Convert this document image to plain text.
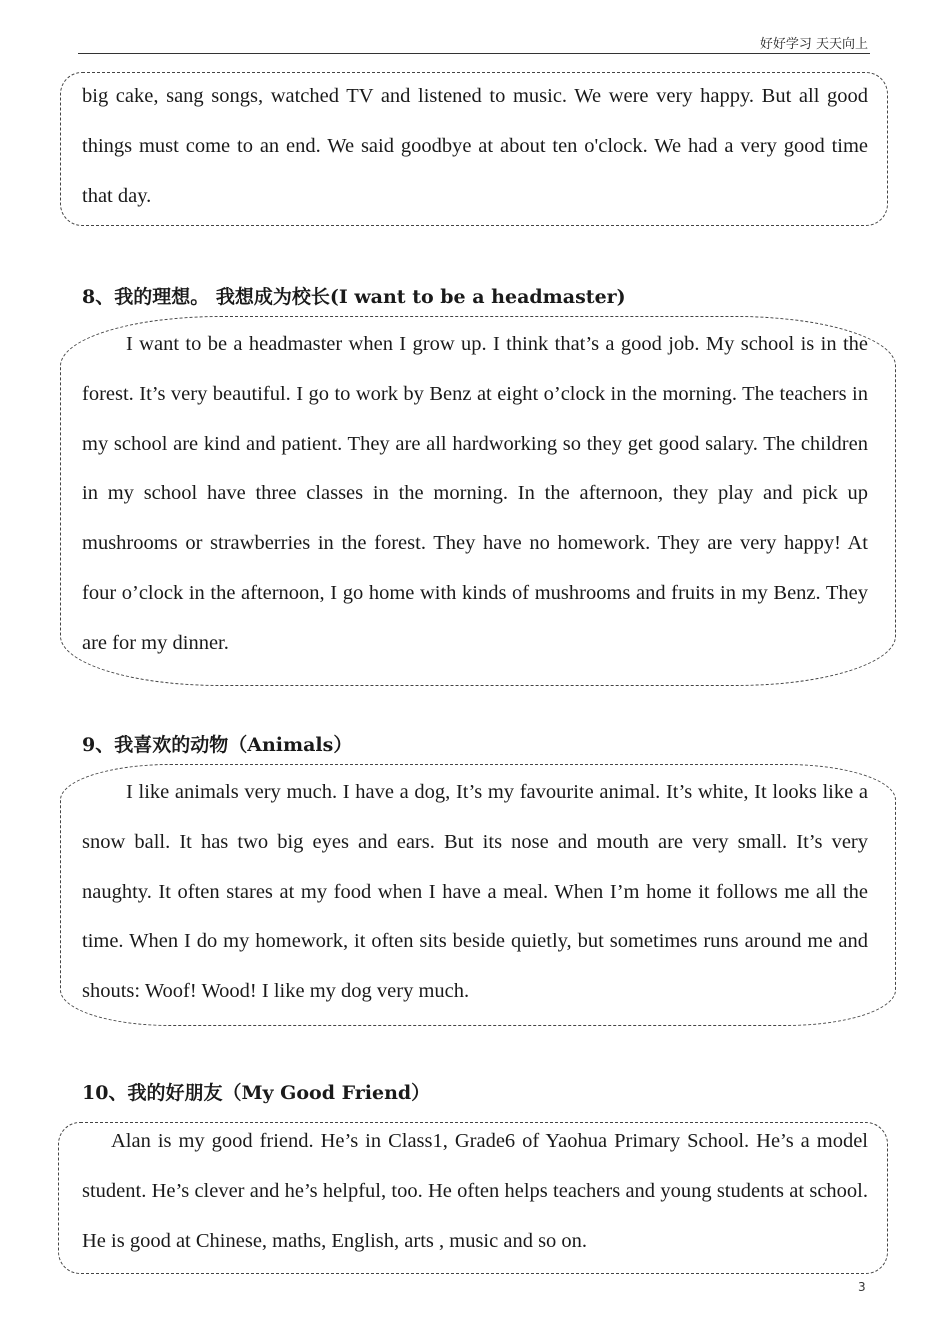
好好学习 天天向上

big cake, sang songs, watched TV and listened to music. We were very happy. But all good things must come to an end. We said goodbye at about ten o'clock. We had a very good time that day.

8、我的理想。 我想成为校长(I want to be a headmaster)

I want to be a headmaster when I grow up. I think that’s a good job. My school is in the forest. It’s very beautiful. I go to work by Benz at eight o’clock in the morning. The teachers in my school are kind and patient. They are all hardworking so they get good salary. The children in my school have three classes in the morning. In the afternoon, they play and pick up mushrooms or strawberries in the forest. They have no homework. They are very happy! At four o’clock in the afternoon, I go home with kinds of mushrooms and fruits in my Benz. They are for my dinner.

9、我喜欢的动物（Animals）

I like animals very much. I have a dog, It’s my favourite animal. It’s white, It looks like a snow ball. It has two big eyes and ears. But its nose and mouth are very small. It’s very naughty. It often stares at my food when I have a meal. When I’m home it follows me all the time. When I do my homework, it often sits beside quietly, but sometimes runs around me and shouts: Woof! Wood! I like my dog very much.

10、我的好朋友（My Good Friend）

Alan is my good friend. He’s in Class1, Grade6 of Yaohua Primary School. He’s a model student. He’s clever and he’s helpful, too. He often helps teachers and young students at school. He is good at Chinese, maths, English, arts , music and so on.

3
